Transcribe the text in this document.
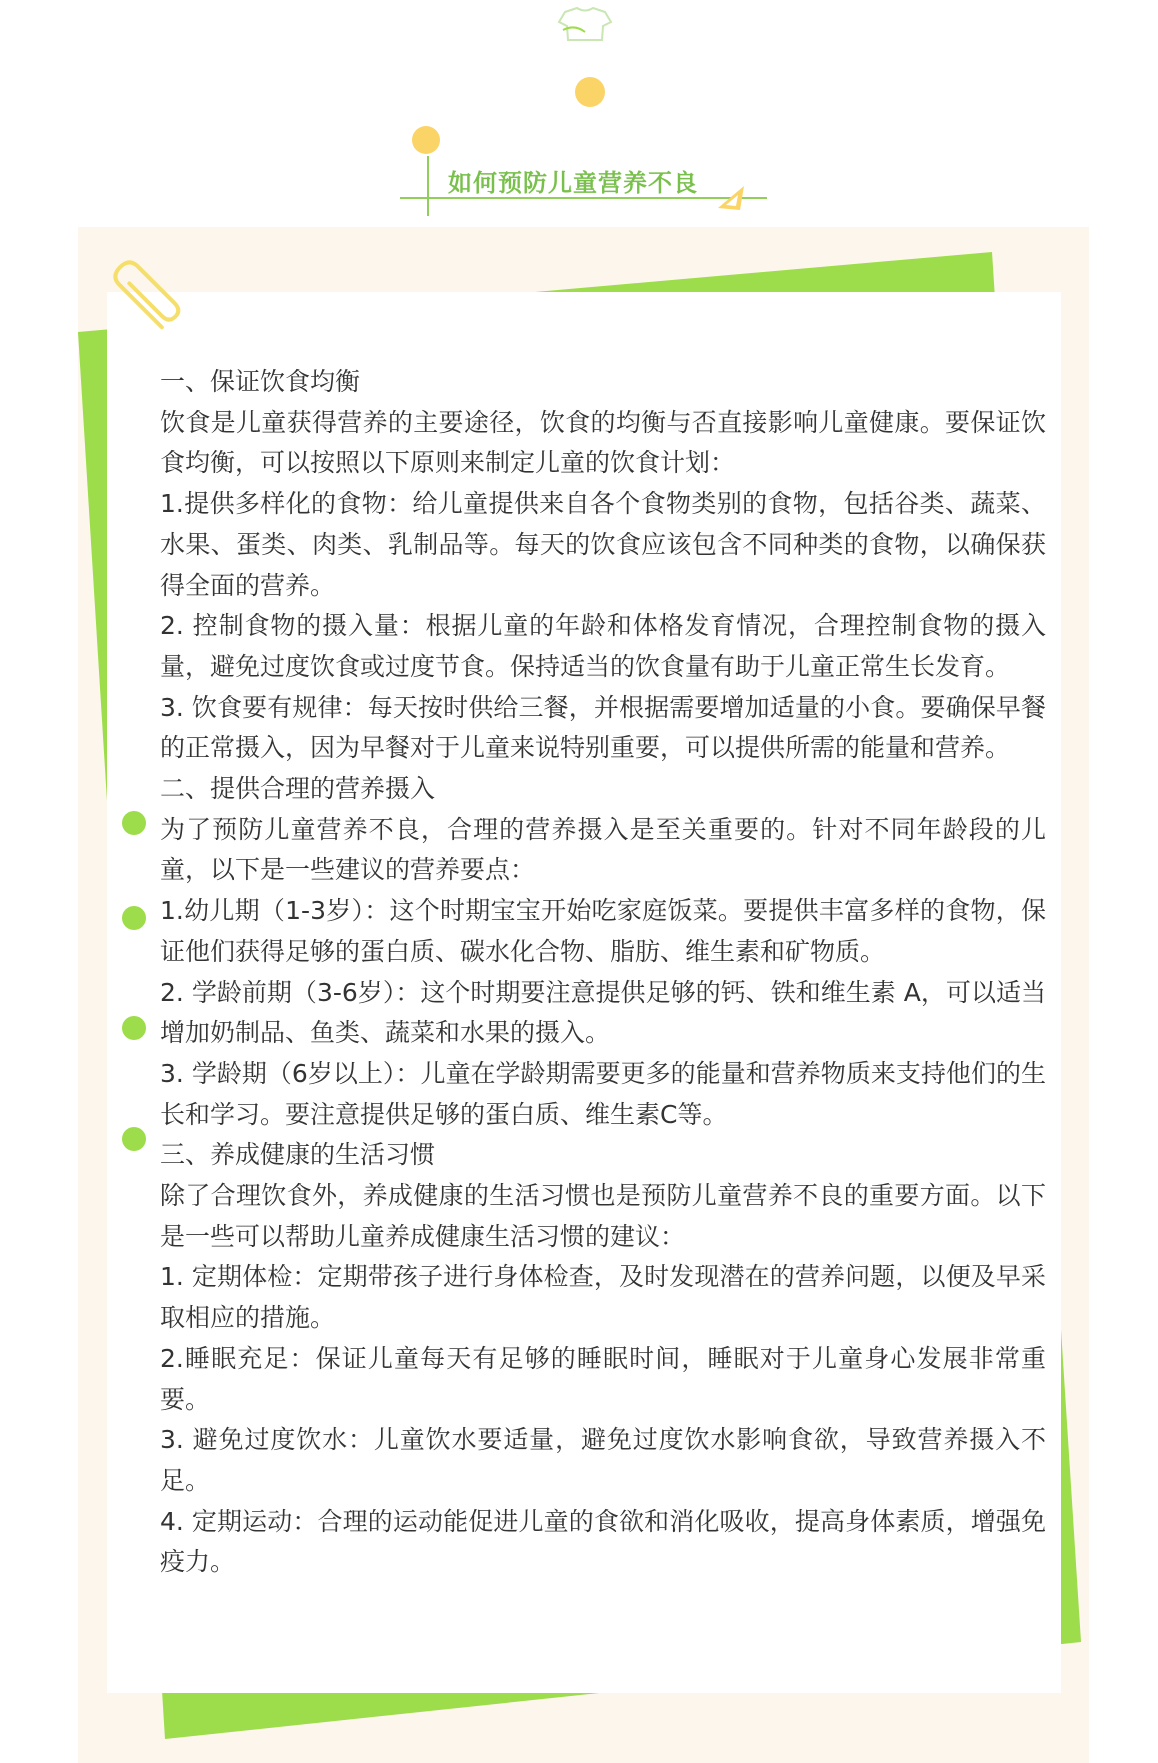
如何预防儿童营养不良

一、保证饮食均衡

饮食是儿童获得营养的主要途径，饮食的均衡与否直接影响儿童健康。要保证饮食均衡，可以按照以下原则来制定儿童的饮食计划：

1.提供多样化的食物：给儿童提供来自各个食物类别的食物，包括谷类、蔬菜、水果、蛋类、肉类、乳制品等。每天的饮食应该包含不同种类的食物，以确保获得全面的营养。

2. 控制食物的摄入量：根据儿童的年龄和体格发育情况，合理控制食物的摄入量，避免过度饮食或过度节食。保持适当的饮食量有助于儿童正常生长发育。

3. 饮食要有规律：每天按时供给三餐，并根据需要增加适量的小食。要确保早餐的正常摄入，因为早餐对于儿童来说特别重要，可以提供所需的能量和营养。

二、提供合理的营养摄入

为了预防儿童营养不良，合理的营养摄入是至关重要的。针对不同年龄段的儿童，以下是一些建议的营养要点：

1.幼儿期（1-3岁）：这个时期宝宝开始吃家庭饭菜。要提供丰富多样的食物，保证他们获得足够的蛋白质、碳水化合物、脂肪、维生素和矿物质。

2. 学龄前期（3-6岁）：这个时期要注意提供足够的钙、铁和维生素 A，可以适当增加奶制品、鱼类、蔬菜和水果的摄入。

3. 学龄期（6岁以上）：儿童在学龄期需要更多的能量和营养物质来支持他们的生长和学习。要注意提供足够的蛋白质、维生素C等。

三、养成健康的生活习惯

除了合理饮食外，养成健康的生活习惯也是预防儿童营养不良的重要方面。以下是一些可以帮助儿童养成健康生活习惯的建议：

1. 定期体检：定期带孩子进行身体检查，及时发现潜在的营养问题，以便及早采取相应的措施。

2.睡眠充足：保证儿童每天有足够的睡眠时间，睡眠对于儿童身心发展非常重要。

3. 避免过度饮水：儿童饮水要适量，避免过度饮水影响食欲，导致营养摄入不足。

4. 定期运动：合理的运动能促进儿童的食欲和消化吸收，提高身体素质，增强免疫力。
